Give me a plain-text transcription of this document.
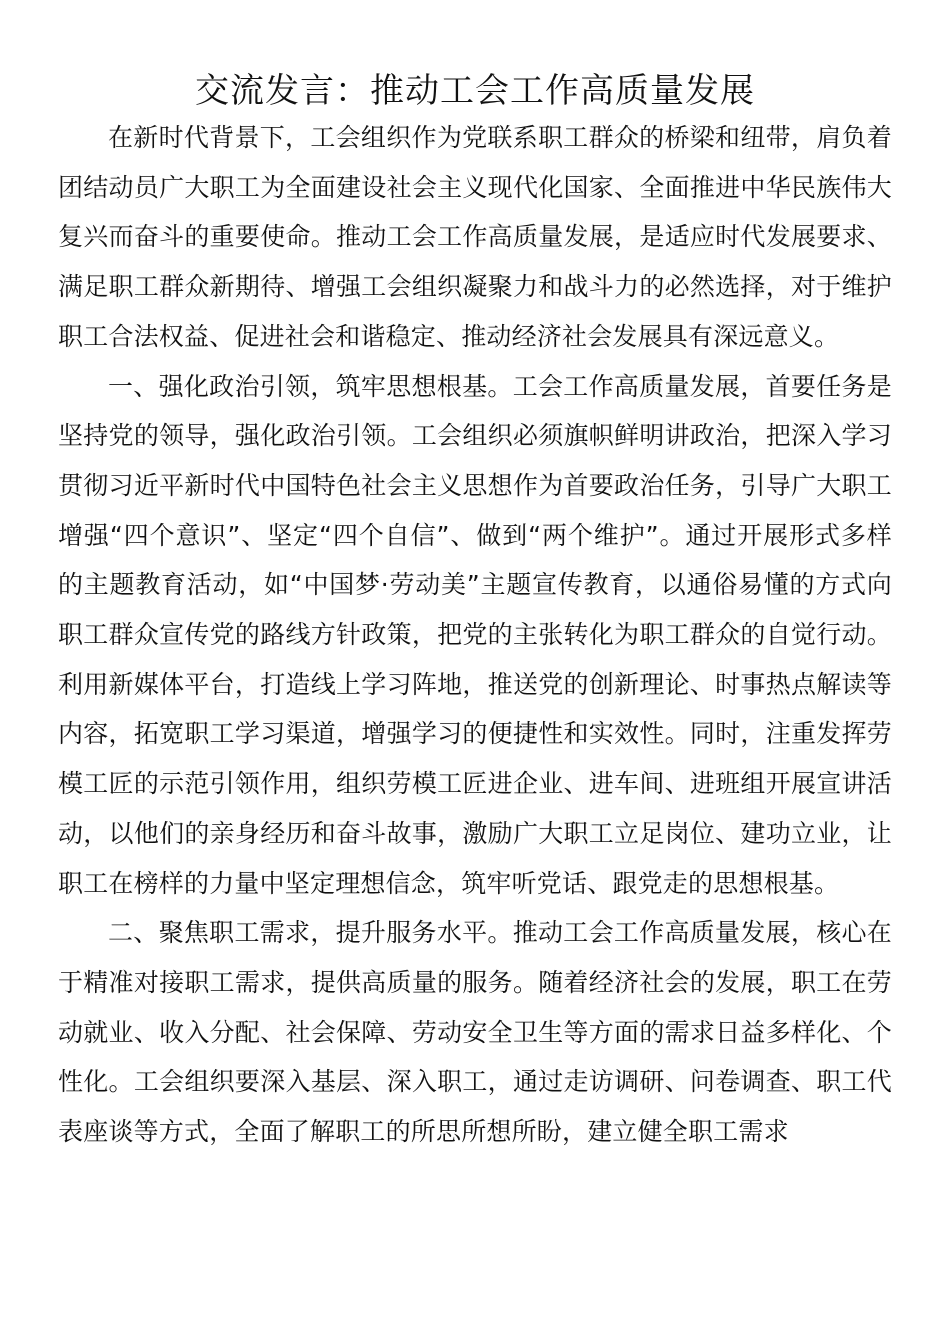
交流发言：推动工会工作高质量发展

在新时代背景下，工会组织作为党联系职工群众的桥梁和纽带，肩负着团结动员广大职工为全面建设社会主义现代化国家、全面推进中华民族伟大复兴而奋斗的重要使命。推动工会工作高质量发展，是适应时代发展要求、满足职工群众新期待、增强工会组织凝聚力和战斗力的必然选择，对于维护职工合法权益、促进社会和谐稳定、推动经济社会发展具有深远意义。

一、强化政治引领，筑牢思想根基。工会工作高质量发展，首要任务是坚持党的领导，强化政治引领。工会组织必须旗帜鲜明讲政治，把深入学习贯彻习近平新时代中国特色社会主义思想作为首要政治任务，引导广大职工增强“四个意识”、坚定“四个自信”、做到“两个维护”。通过开展形式多样的主题教育活动，如“中国梦·劳动美”主题宣传教育，以通俗易懂的方式向职工群众宣传党的路线方针政策，把党的主张转化为职工群众的自觉行动。利用新媒体平台，打造线上学习阵地，推送党的创新理论、时事热点解读等内容，拓宽职工学习渠道，增强学习的便捷性和实效性。同时，注重发挥劳模工匠的示范引领作用，组织劳模工匠进企业、进车间、进班组开展宣讲活动，以他们的亲身经历和奋斗故事，激励广大职工立足岗位、建功立业，让职工在榜样的力量中坚定理想信念，筑牢听党话、跟党走的思想根基。

二、聚焦职工需求，提升服务水平。推动工会工作高质量发展，核心在于精准对接职工需求，提供高质量的服务。随着经济社会的发展，职工在劳动就业、收入分配、社会保障、劳动安全卫生等方面的需求日益多样化、个性化。工会组织要深入基层、深入职工，通过走访调研、问卷调查、职工代表座谈等方式，全面了解职工的所思所想所盼，建立健全职工需求
